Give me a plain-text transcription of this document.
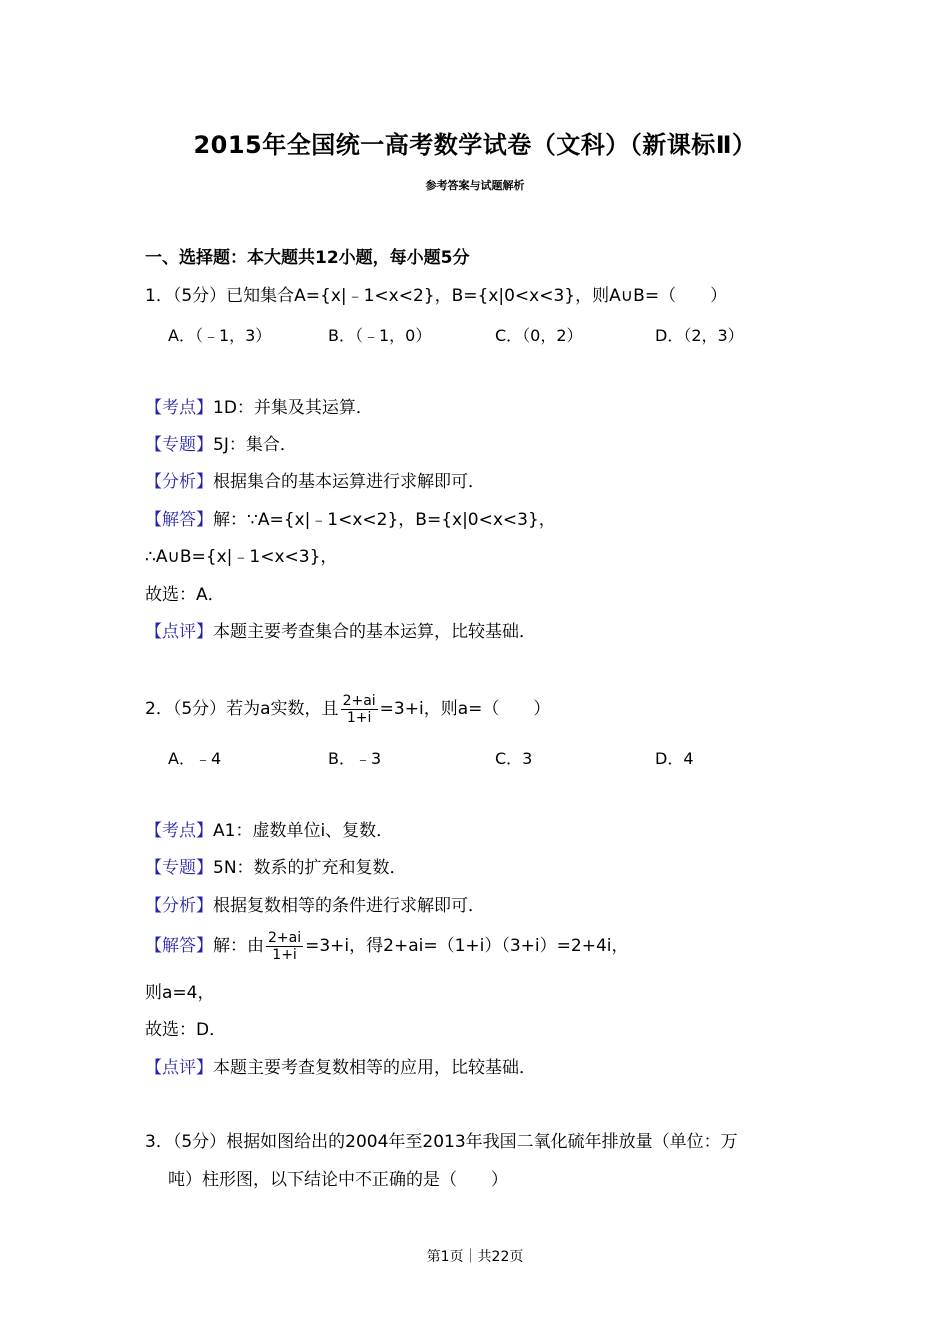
2015年全国统一高考数学试卷（文科）（新课标Ⅱ）
参考答案与试题解析
一、选择题：本大题共12小题，每小题5分
1．（5分）已知集合A={x|﹣1<x<2}，B={x|0<x<3}，则A∪B=（　　）
A．（﹣1，3）	B．（﹣1，0）	C．（0，2）	D．（2，3）
【考点】1D：并集及其运算．
【专题】5J：集合．
【分析】根据集合的基本运算进行求解即可．
【解答】解：∵A={x|﹣1<x<2}，B={x|0<x<3}，
∴A∪B={x|﹣1<x<3}，
故选：A．
【点评】本题主要考查集合的基本运算，比较基础．
2．（5分）若为a实数，且 $\frac{2+ai}{1+i} =3+i$，则a=（　　）
A．﹣4	B．﹣3	C．3	D．4
【考点】A1：虚数单位i、复数．
【专题】5N：数系的扩充和复数．
【分析】根据复数相等的条件进行求解即可．
【解答】解：由 $\frac{2+ai}{1+i} =3+i$，得2+ai=（1+i）（3+i）=2+4i，
则a=4，
故选：D．
【点评】本题主要考查复数相等的应用，比较基础．
3．（5分）根据如图给出的2004年至2013年我国二氧化硫年排放量（单位：万
吨）柱形图，以下结论中不正确的是（　　）
第1页｜共22页
